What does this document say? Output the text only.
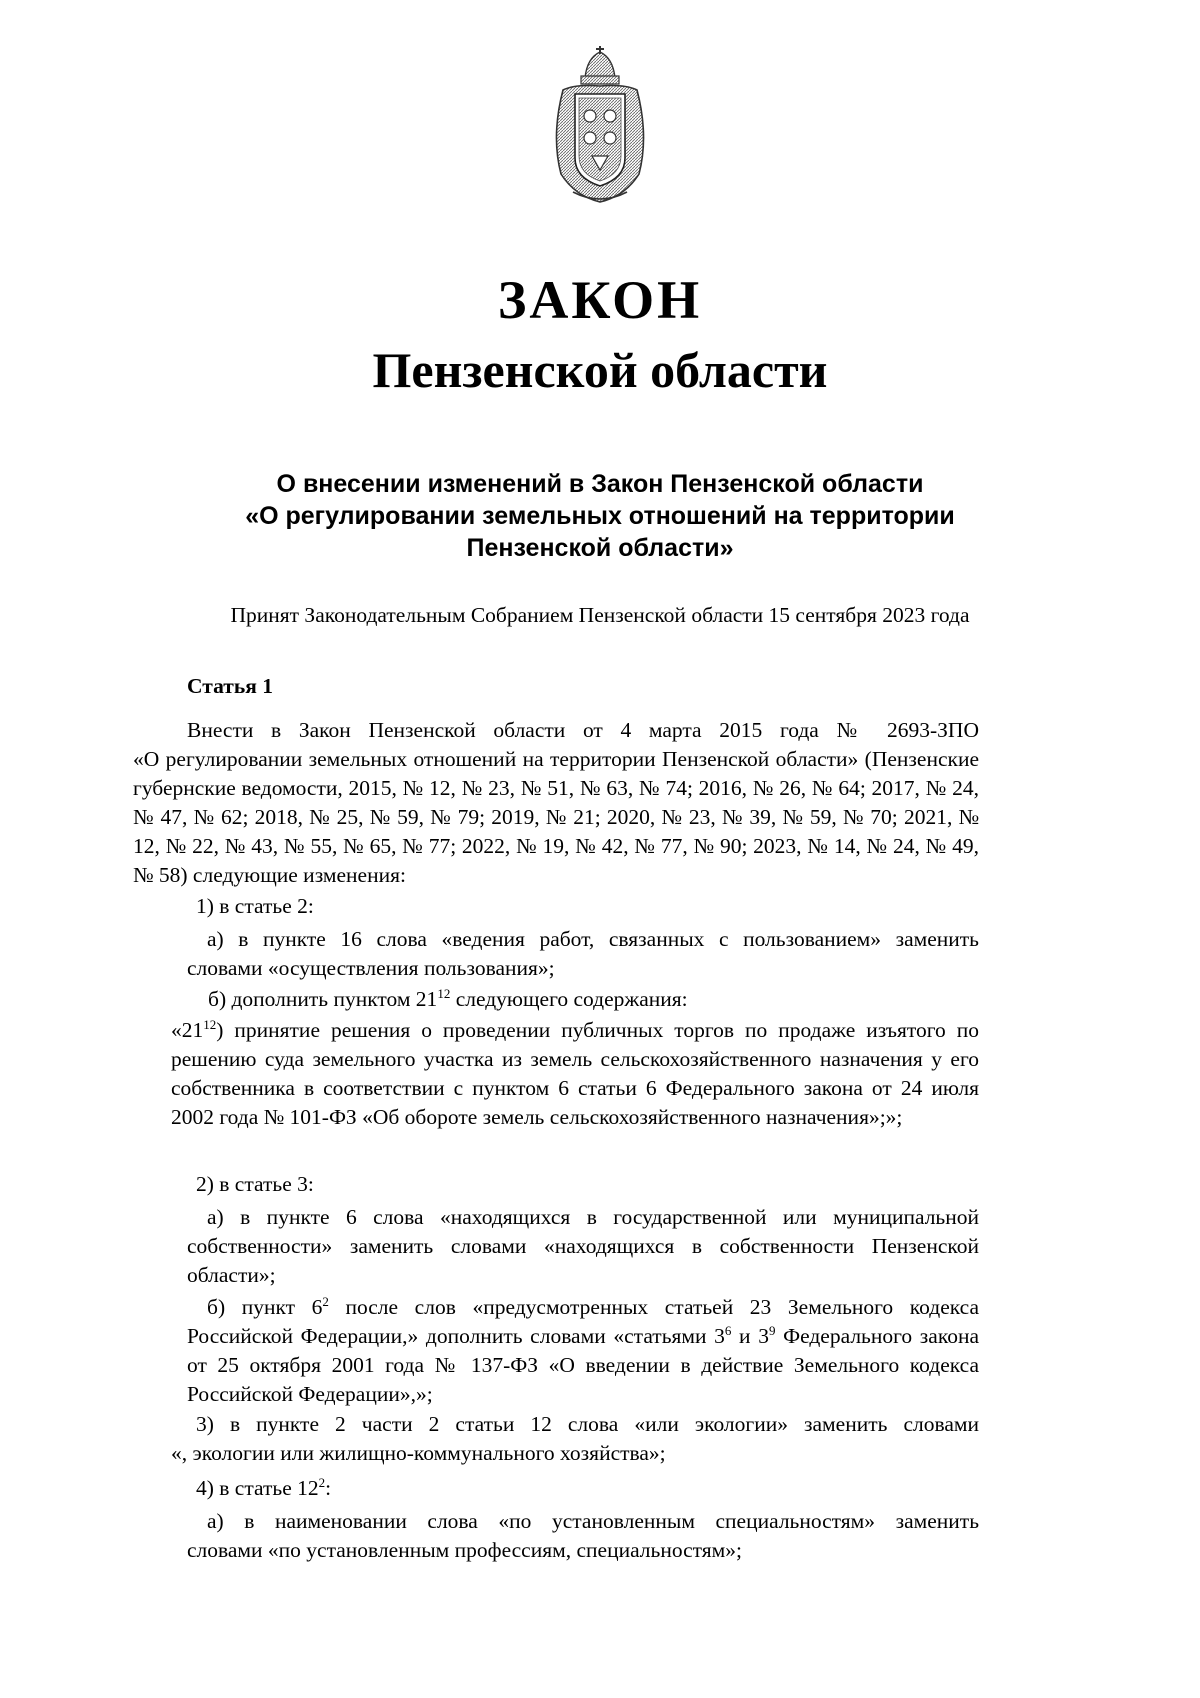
ЗАКОН
Пензенской области
О внесении изменений в Закон Пензенской области
«О регулировании земельных отношений на территории
Пензенской области»
Принят Законодательным Собранием Пензенской области 15 сентября 2023 года
Статья 1
Внести в Закон Пензенской области от 4 марта 2015 года № 2693-ЗПО
«О регулировании земельных отношений на территории Пензенской области» (Пензенские губернские ведомости, 2015, № 12, № 23, № 51, № 63, № 74; 2016, № 26, № 64; 2017, № 24, № 47, № 62; 2018, № 25, № 59, № 79; 2019, № 21; 2020, № 23, № 39, № 59, № 70; 2021, № 12, № 22, № 43, № 55, № 65, № 77; 2022, № 19, № 42, № 77, № 90; 2023, № 14, № 24, № 49, № 58) следующие изменения:
1) в статье 2:
а) в пункте 16 слова «ведения работ, связанных с пользованием» заменить
словами «осуществления пользования»;
б) дополнить пунктом $21^{12}$ следующего содержания:
«$21^{12}$) принятие решения о проведении публичных торгов по продаже изъятого по решению суда земельного участка из земель сельскохозяйственного назначения у его собственника в соответствии с пунктом 6 статьи 6 Федерального закона от 24 июля 2002 года № 101-ФЗ «Об обороте земель сельскохозяйственного назначения»;»;
2) в статье 3:
а) в пункте 6 слова «находящихся в государственной или муниципальной
собственности» заменить словами «находящихся в собственности Пензенской области»;
б) пункт $6^2$ после слов «предусмотренных статьей 23 Земельного кодекса Российской Федерации,» дополнить словами «статьями $3^6$ и $3^9$ Федерального закона от 25 октября 2001 года № 137-ФЗ «О введении в действие Земельного кодекса Российской Федерации»,»;
3) в пункте 2 части 2 статьи 12 слова «или экологии» заменить словами
«, экологии или жилищно-коммунального хозяйства»;
4) в статье $12^2$:
а) в наименовании слова «по установленным специальностям» заменить
словами «по установленным профессиям, специальностям»;
